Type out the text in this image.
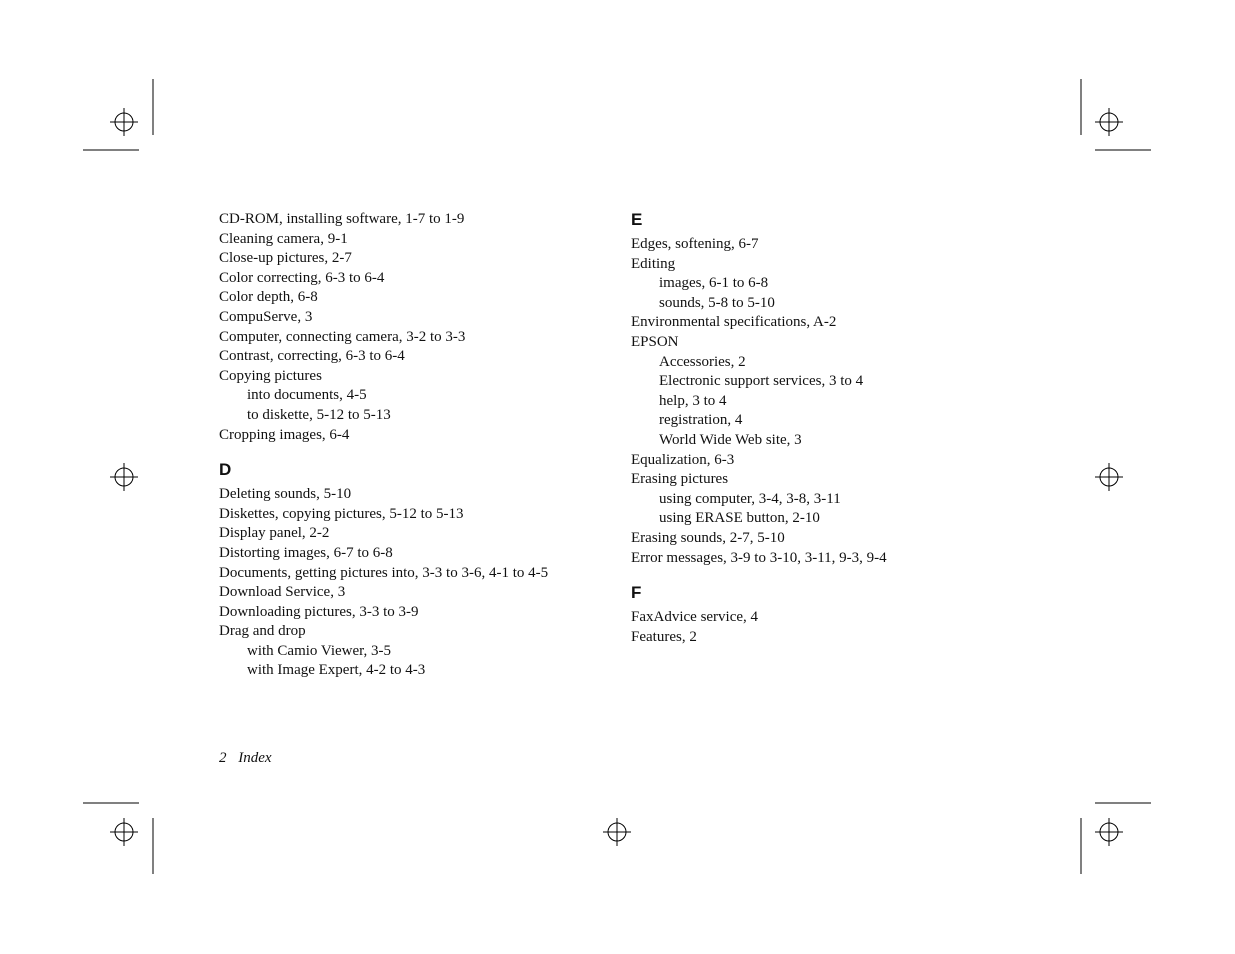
CD-ROM, installing software, 1-7 to 1-9
Cleaning camera, 9-1
Close-up pictures, 2-7
Color correcting, 6-3 to 6-4
Color depth, 6-8
CompuServe, 3
Computer, connecting camera, 3-2 to 3-3
Contrast, correcting, 6-3 to 6-4
Copying pictures
into documents, 4-5
to diskette, 5-12 to 5-13
Cropping images, 6-4
D
Deleting sounds, 5-10
Diskettes, copying pictures, 5-12 to 5-13
Display panel, 2-2
Distorting images, 6-7 to 6-8
Documents, getting pictures into, 3-3 to 3-6, 4-1 to 4-5
Download Service, 3
Downloading pictures, 3-3 to 3-9
Drag and drop
with Camio Viewer, 3-5
with Image Expert, 4-2 to 4-3
E
Edges, softening, 6-7
Editing
images, 6-1 to 6-8
sounds, 5-8 to 5-10
Environmental specifications, A-2
EPSON
Accessories, 2
Electronic support services, 3 to 4
help, 3 to 4
registration, 4
World Wide Web site, 3
Equalization, 6-3
Erasing pictures
using computer, 3-4, 3-8, 3-11
using ERASE button, 2-10
Erasing sounds, 2-7, 5-10
Error messages, 3-9 to 3-10, 3-11, 9-3, 9-4
F
FaxAdvice service, 4
Features, 2
2 Index
